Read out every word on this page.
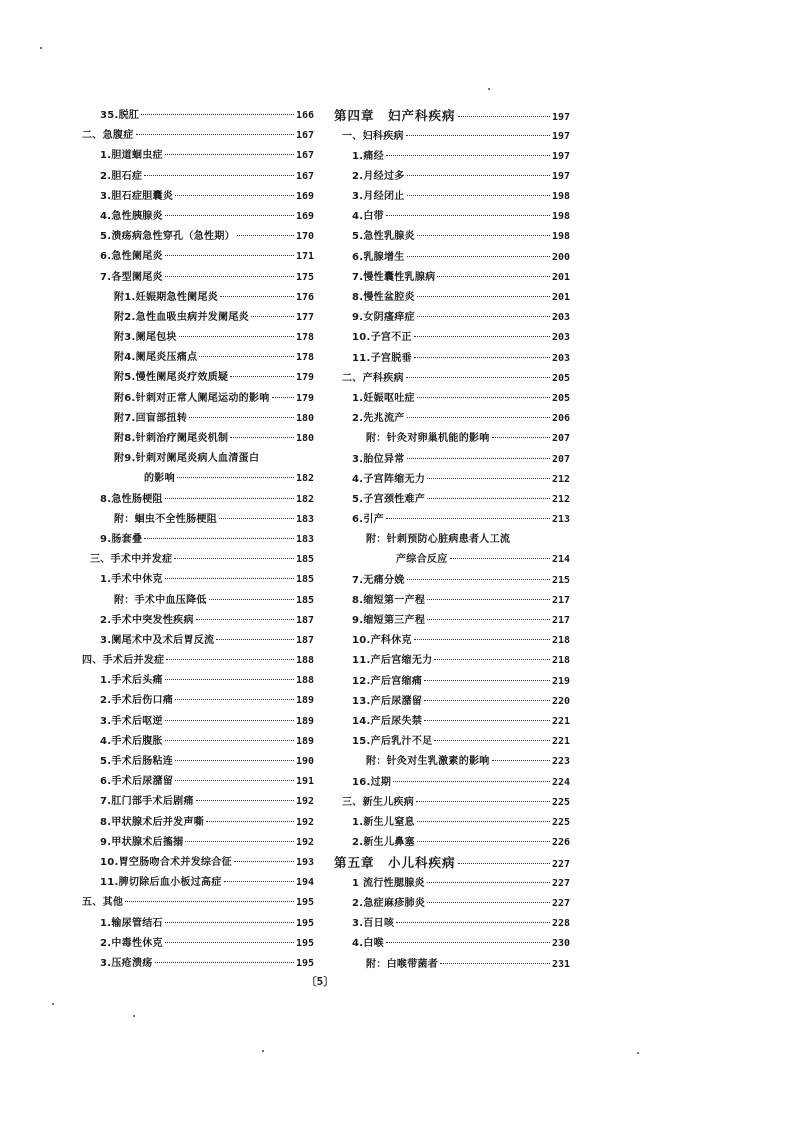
35.脱肛	166
二、急腹症	167
1.胆道蛔虫症	167
2.胆石症	167
3.胆石症胆囊炎	169
4.急性胰腺炎	169
5.溃疡病急性穿孔（急性期）	170
6.急性阑尾炎	171
7.各型阑尾炎	175
附1.妊娠期急性阑尾炎	176
附2.急性血吸虫病并发阑尾炎	177
附3.阑尾包块	178
附4.阑尾炎压痛点	178
附5.慢性阑尾炎疗效质疑	179
附6.针刺对正常人阑尾运动的影响	179
附7.回盲部扭转	180
附8.针刺治疗阑尾炎机制	180
附9.针刺对阑尾炎病人血清蛋白
的影响	182
8.急性肠梗阻	182
附：蛔虫不全性肠梗阻	183
9.肠套叠	183
三、手术中并发症	185
1.手术中休克	185
附：手术中血压降低	185
2.手术中突发性疾病	187
3.阑尾术中及术后胃反流	187
四、手术后并发症	188
1.手术后头痛	188
2.手术后伤口痛	189
3.手术后呕逆	189
4.手术后腹胀	189
5.手术后肠粘连	190
6.手术后尿潴留	191
7.肛门部手术后剧痛	192
8.甲状腺术后并发声嘶	192
9.甲状腺术后搐搦	192
10.胃空肠吻合术并发综合征	193
11.脾切除后血小板过高症	194
五、其他	195
1.输尿管结石	195
2.中毒性休克	195
3.压疮溃疡	195
第四章　妇产科疾病	197
一、妇科疾病	197
1.痛经	197
2.月经过多	197
3.月经闭止	198
4.白带	198
5.急性乳腺炎	198
6.乳腺增生	200
7.慢性囊性乳腺病	201
8.慢性盆腔炎	201
9.女阴瘙痒症	203
10.子宫不正	203
11.子宫脱垂	203
二、产科疾病	205
1.妊娠呕吐症	205
2.先兆流产	206
附：针灸对卵巢机能的影响	207
3.胎位异常	207
4.子宫阵缩无力	212
5.子宫颈性难产	212
6.引产	213
附：针刺预防心脏病患者人工流
产综合反应	214
7.无痛分娩	215
8.缩短第一产程	217
9.缩短第三产程	217
10.产科休克	218
11.产后宫缩无力	218
12.产后宫缩痛	219
13.产后尿潴留	220
14.产后尿失禁	221
15.产后乳汁不足	221
附：针灸对生乳激素的影响	223
16.过期	224
三、新生儿疾病	225
1.新生儿窒息	225
2.新生儿鼻塞	226
第五章　小儿科疾病	227
1 流行性腮腺炎	227
2.急症麻疹肺炎	227
3.百日咳	228
4.白喉	230
附：白喉带菌者	231
〔5〕
